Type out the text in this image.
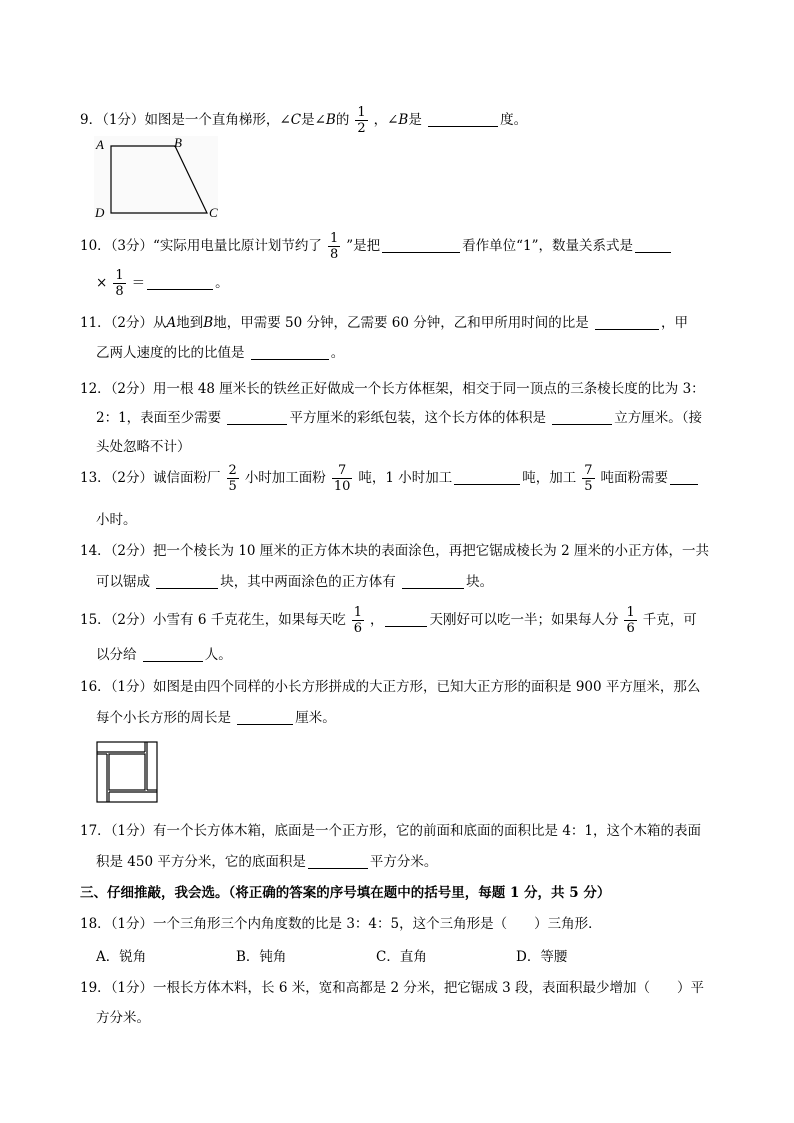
9．（1分）如图是一个直角梯形，∠C是∠B的 $\frac{1}{2}$ ，∠B是	度。
A	B
C
D
10．（3分）“实际用电量比原计划节约了 $\frac{1}{8}$ ”是把	看作单位“1”，数量关系式是
× $\frac{1}{8}$ ＝	。
11．（2分）从A地到B地，甲需要 50 分钟，乙需要 60 分钟，乙和甲所用时间的比是	，甲
乙两人速度的比的比值是	。
12．（2分）用一根 48 厘米长的铁丝正好做成一个长方体框架，相交于同一顶点的三条棱长度的比为 3：
2：1，表面至少需要	平方厘米的彩纸包装，这个长方体的体积是	立方厘米。（接
头处忽略不计）
13．（2分）诚信面粉厂 $\frac{2}{5}$ 小时加工面粉 $\frac{7}{10}$ 吨，1 小时加工	吨，加工 $\frac{7}{5}$ 吨面粉需要
小时。
14．（2分）把一个棱长为 10 厘米的正方体木块的表面涂色，再把它锯成棱长为 2 厘米的小正方体，一共
可以锯成	块，其中两面涂色的正方体有	块。
15．（2分）小雪有 6 千克花生，如果每天吃 $\frac{1}{6}$ ，	天刚好可以吃一半；如果每人分 $\frac{1}{6}$ 千克，可
以分给	人。
16．（1分）如图是由四个同样的小长方形拼成的大正方形，已知大正方形的面积是 900 平方厘米，那么
每个小长方形的周长是	厘米。
17．（1分）有一个长方体木箱，底面是一个正方形，它的前面和底面的面积比是 4：1，这个木箱的表面
积是 450 平方分米，它的底面积是	平方分米。
三、仔细推敲，我会选。（将正确的答案的序号填在题中的括号里，每题 1 分，共 5 分）
18．（1分）一个三角形三个内角度数的比是 3：4：5，这个三角形是（　　）三角形．
A．锐角	B．钝角	C．直角	D．等腰
19．（1分）一根长方体木料，长 6 米，宽和高都是 2 分米，把它锯成 3 段，表面积最少增加（　　）平
方分米。
